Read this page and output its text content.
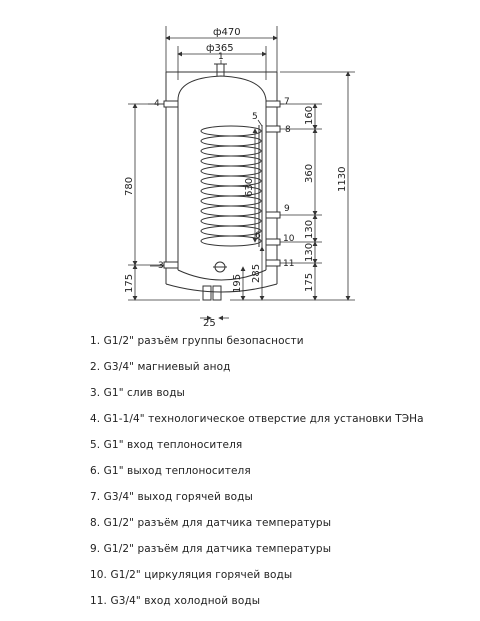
ф470
ф365
1130
780
175
630
195
285
25
160
360
130
130
175
1
3
4
5
6
7
8
9
10
11
1. G1/2" разъём группы безопасности
2. G3/4" магниевый анод
3. G1" слив воды
4. G1-1/4" технологическое отверстие для установки ТЭНа
5. G1" вход теплоносителя
6. G1" выход теплоносителя
7. G3/4" выход горячей воды
8. G1/2" разъём для датчика температуры
9. G1/2" разъём для датчика температуры
10. G1/2" циркуляция горячей воды
11. G3/4" вход холодной воды
